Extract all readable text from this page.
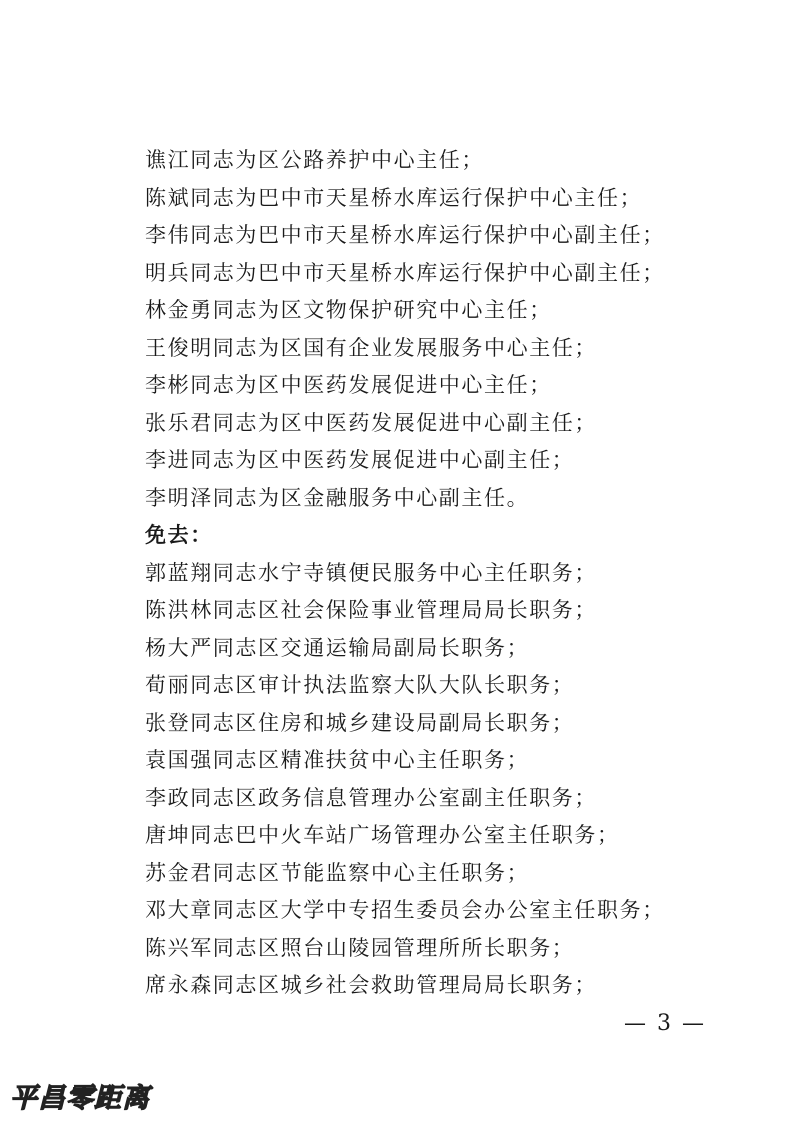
谯江同志为区公路养护中心主任；
陈斌同志为巴中市天星桥水库运行保护中心主任；
李伟同志为巴中市天星桥水库运行保护中心副主任；
明兵同志为巴中市天星桥水库运行保护中心副主任；
林金勇同志为区文物保护研究中心主任；
王俊明同志为区国有企业发展服务中心主任；
李彬同志为区中医药发展促进中心主任；
张乐君同志为区中医药发展促进中心副主任；
李进同志为区中医药发展促进中心副主任；
李明泽同志为区金融服务中心副主任。
免去：
郭蓝翔同志水宁寺镇便民服务中心主任职务；
陈洪林同志区社会保险事业管理局局长职务；
杨大严同志区交通运输局副局长职务；
荀丽同志区审计执法监察大队大队长职务；
张登同志区住房和城乡建设局副局长职务；
袁国强同志区精准扶贫中心主任职务；
李政同志区政务信息管理办公室副主任职务；
唐坤同志巴中火车站广场管理办公室主任职务；
苏金君同志区节能监察中心主任职务；
邓大章同志区大学中专招生委员会办公室主任职务；
陈兴军同志区照台山陵园管理所所长职务；
席永森同志区城乡社会救助管理局局长职务；
— 3 —
平昌零距离
